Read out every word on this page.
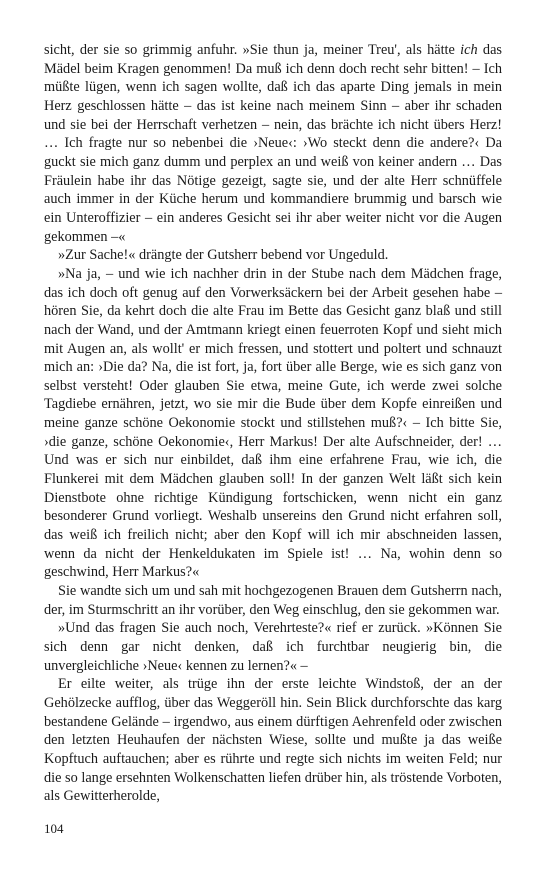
sicht, der sie so grimmig anfuhr. »Sie thun ja, meiner Treu', als hätte ich das Mädel beim Kragen genommen! Da muß ich denn doch recht sehr bitten! – Ich müßte lügen, wenn ich sagen wollte, daß ich das aparte Ding jemals in mein Herz geschlossen hätte – das ist keine nach meinem Sinn – aber ihr schaden und sie bei der Herrschaft verhetzen – nein, das brächte ich nicht übers Herz! … Ich fragte nur so nebenbei die ›Neue‹: ›Wo steckt denn die andere?‹ Da guckt sie mich ganz dumm und perplex an und weiß von keiner andern … Das Fräulein habe ihr das Nötige gezeigt, sagte sie, und der alte Herr schnüffele auch immer in der Küche herum und kommandiere brummig und barsch wie ein Unteroffizier – ein anderes Gesicht sei ihr aber weiter nicht vor die Augen gekommen –«

»Zur Sache!« drängte der Gutsherr bebend vor Ungeduld.

»Na ja, – und wie ich nachher drin in der Stube nach dem Mädchen frage, das ich doch oft genug auf den Vorwerksäckern bei der Arbeit gesehen habe – hören Sie, da kehrt doch die alte Frau im Bette das Gesicht ganz blaß und still nach der Wand, und der Amtmann kriegt einen feuerroten Kopf und sieht mich mit Augen an, als wollt' er mich fressen, und stottert und poltert und schnauzt mich an: ›Die da? Na, die ist fort, ja, fort über alle Berge, wie es sich ganz von selbst versteht! Oder glauben Sie etwa, meine Gute, ich werde zwei solche Tagdiebe ernähren, jetzt, wo sie mir die Bude über dem Kopfe einreißen und meine ganze schöne Oekonomie stockt und stillstehen muß?‹ – Ich bitte Sie, ›die ganze, schöne Oekonomie‹, Herr Markus! Der alte Aufschneider, der! … Und was er sich nur einbildet, daß ihm eine erfahrene Frau, wie ich, die Flunkerei mit dem Mädchen glauben soll! In der ganzen Welt läßt sich kein Dienstbote ohne richtige Kündigung fortschicken, wenn nicht ein ganz besonderer Grund vorliegt. Weshalb unsereins den Grund nicht erfahren soll, das weiß ich freilich nicht; aber den Kopf will ich mir abschneiden lassen, wenn da nicht der Henkeldukaten im Spiele ist! … Na, wohin denn so geschwind, Herr Markus?«

Sie wandte sich um und sah mit hochgezogenen Brauen dem Gutsherrn nach, der, im Sturmschritt an ihr vorüber, den Weg einschlug, den sie gekommen war.

»Und das fragen Sie auch noch, Verehrteste?« rief er zurück. »Können Sie sich denn gar nicht denken, daß ich furchtbar neugierig bin, die unvergleichliche ›Neue‹ kennen zu lernen?« –

Er eilte weiter, als trüge ihn der erste leichte Windstoß, der an der Gehölzecke aufflog, über das Weggeröll hin. Sein Blick durchforschte das karg bestandene Gelände – irgendwo, aus einem dürftigen Aehrenfeld oder zwischen den letzten Heuhaufen der nächsten Wiese, sollte und mußte ja das weiße Kopftuch auftauchen; aber es rührte und regte sich nichts im weiten Feld; nur die so lange ersehnten Wolkenschatten liefen drüber hin, als tröstende Vorboten, als Gewitterherolde,

104
